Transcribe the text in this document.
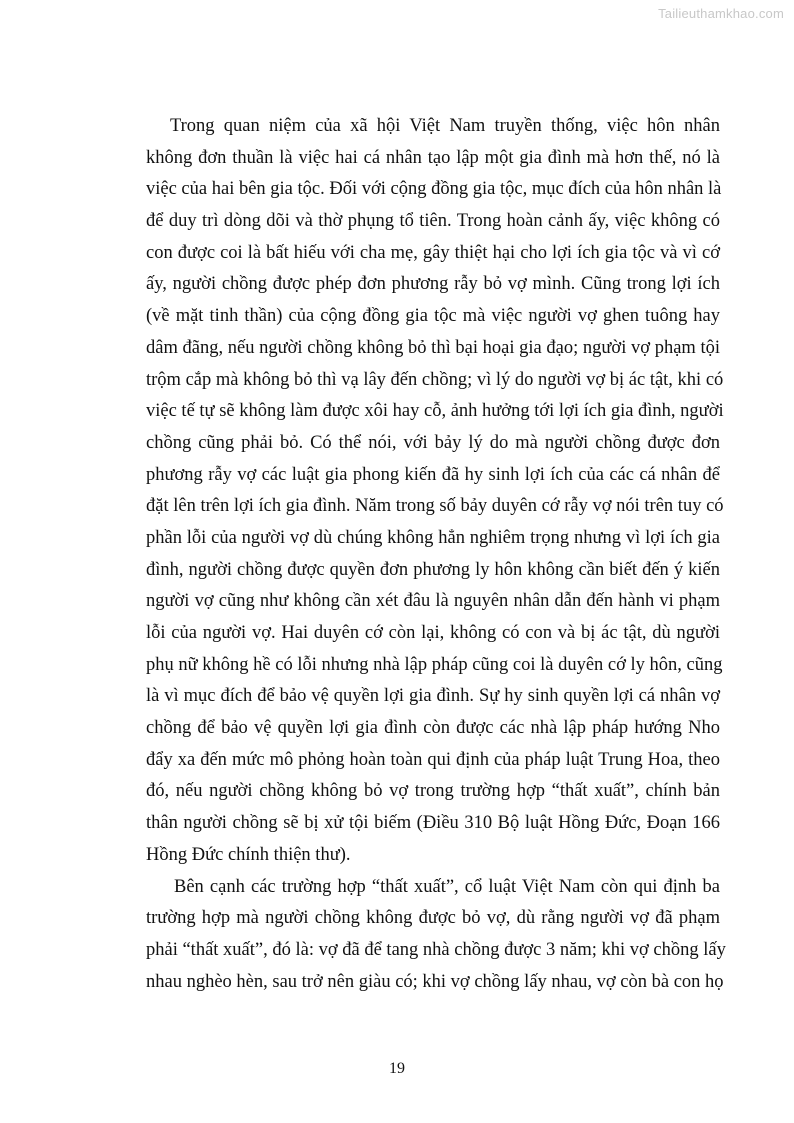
Tailieuthamkhao.com
Trong quan niệm của xã hội Việt Nam truyền thống, việc hôn nhân
không đơn thuần là việc hai cá nhân tạo lập một gia đình mà hơn thế, nó là
việc của hai bên gia tộc. Đối với cộng đồng gia tộc, mục đích của hôn nhân là
để duy trì dòng dõi và thờ phụng tổ tiên. Trong hoàn cảnh ấy, việc không có
con được coi là bất hiếu với cha mẹ, gây thiệt hại cho lợi ích gia tộc và vì cớ
ấy, người chồng được phép đơn phương rẫy bỏ vợ mình. Cũng trong lợi ích
(về mặt tinh thần) của cộng đồng gia tộc mà việc người vợ ghen tuông hay
dâm đãng, nếu người chồng không bỏ thì bại hoại gia đạo; người vợ phạm tội
trộm cắp mà không bỏ thì vạ lây đến chồng; vì lý do người vợ bị ác tật, khi có
việc tế tự sẽ không làm được xôi hay cỗ, ảnh hưởng tới lợi ích gia đình, người
chồng cũng phải bỏ. Có thể nói, với bảy lý do mà người chồng được đơn
phương rẫy vợ các luật gia phong kiến đã hy sinh lợi ích của các cá nhân để
đặt lên trên lợi ích gia đình. Năm trong số bảy duyên cớ rẫy vợ nói trên tuy có
phần lỗi của người vợ dù chúng không hẳn nghiêm trọng nhưng vì lợi ích gia
đình, người chồng được quyền đơn phương ly hôn không cần biết đến ý kiến
người vợ cũng như không cần xét đâu là nguyên nhân dẫn đến hành vi phạm
lỗi của người vợ. Hai duyên cớ còn lại, không có con và bị ác tật, dù người
phụ nữ không hề có lỗi nhưng nhà lập pháp cũng coi là duyên cớ ly hôn, cũng
là vì mục đích để bảo vệ quyền lợi gia đình. Sự hy sinh quyền lợi cá nhân vợ
chồng để bảo vệ quyền lợi gia đình còn được các nhà lập pháp hướng Nho
đẩy xa đến mức mô phỏng hoàn toàn qui định của pháp luật Trung Hoa, theo
đó, nếu người chồng không bỏ vợ trong trường hợp “thất xuất”, chính bản
thân người chồng sẽ bị xử tội biếm (Điều 310 Bộ luật Hồng Đức, Đoạn 166
Hồng Đức chính thiện thư).
Bên cạnh các trường hợp “thất xuất”, cổ luật Việt Nam còn qui định ba
trường hợp mà người chồng không được bỏ vợ, dù rằng người vợ đã phạm
phải “thất xuất”, đó là: vợ đã để tang nhà chồng được 3 năm; khi vợ chồng lấy
nhau nghèo hèn, sau trở nên giàu có; khi vợ chồng lấy nhau, vợ còn bà con họ
19
